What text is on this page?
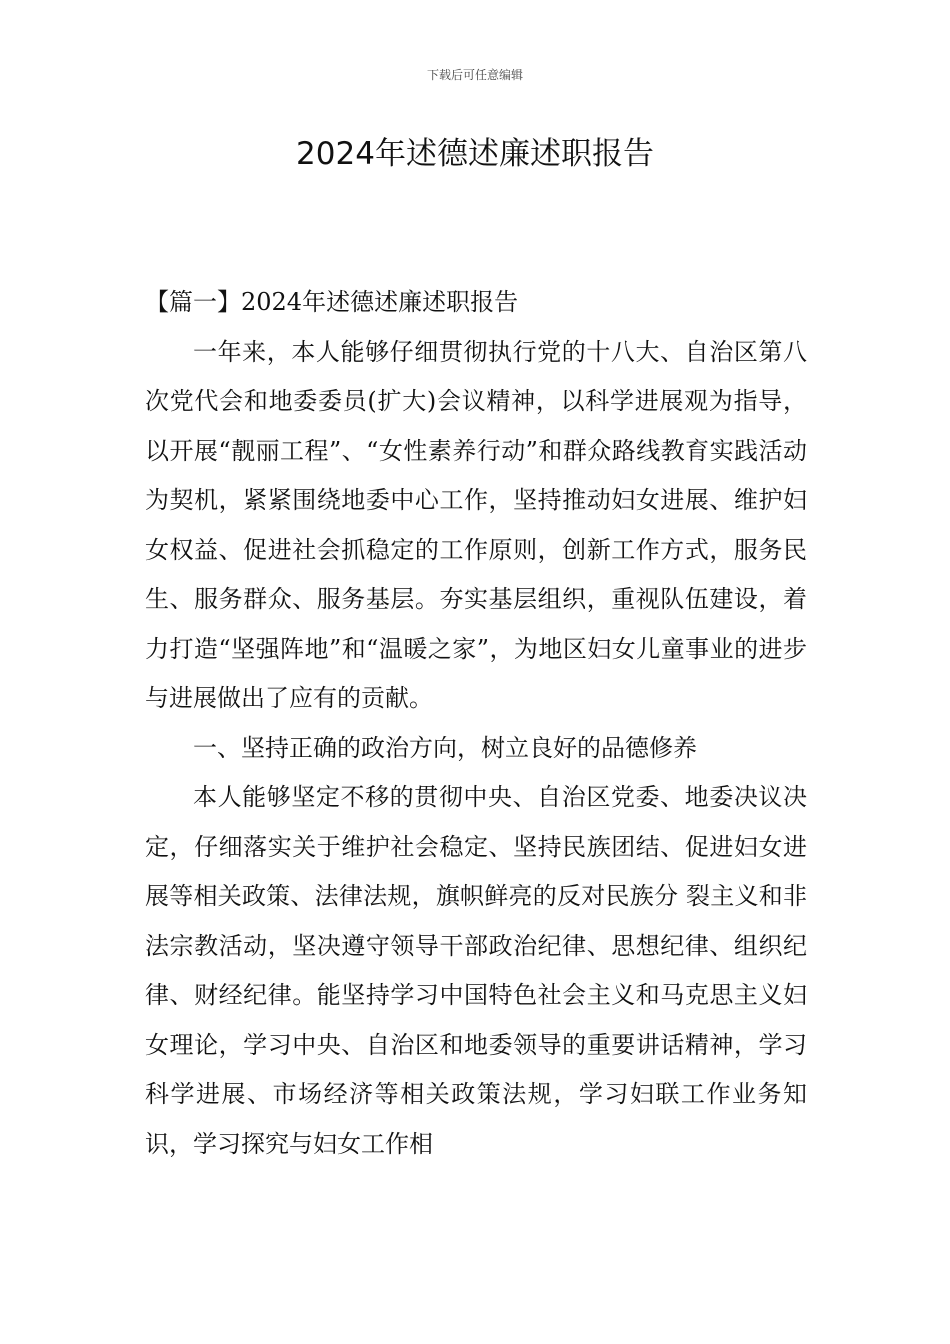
下载后可任意编辑
2024年述德述廉述职报告

【篇一】2024年述德述廉述职报告

一年来，本人能够仔细贯彻执行党的十八大、自治区第八次党代会和地委委员(扩大)会议精神，以科学进展观为指导，以开展“靓丽工程”、“女性素养行动”和群众路线教育实践活动为契机，紧紧围绕地委中心工作，坚持推动妇女进展、维护妇女权益、促进社会抓稳定的工作原则，创新工作方式，服务民生、服务群众、服务基层。夯实基层组织，重视队伍建设，着力打造“坚强阵地”和“温暖之家”，为地区妇女儿童事业的进步与进展做出了应有的贡献。

一、坚持正确的政治方向，树立良好的品德修养

本人能够坚定不移的贯彻中央、自治区党委、地委决议决定，仔细落实关于维护社会稳定、坚持民族团结、促进妇女进展等相关政策、法律法规，旗帜鲜亮的反对民族分 裂主义和非法宗教活动，坚决遵守领导干部政治纪律、思想纪律、组织纪律、财经纪律。能坚持学习中国特色社会主义和马克思主义妇女理论，学习中央、自治区和地委领导的重要讲话精神，学习科学进展、市场经济等相关政策法规，学习妇联工作业务知识，学习探究与妇女工作相
